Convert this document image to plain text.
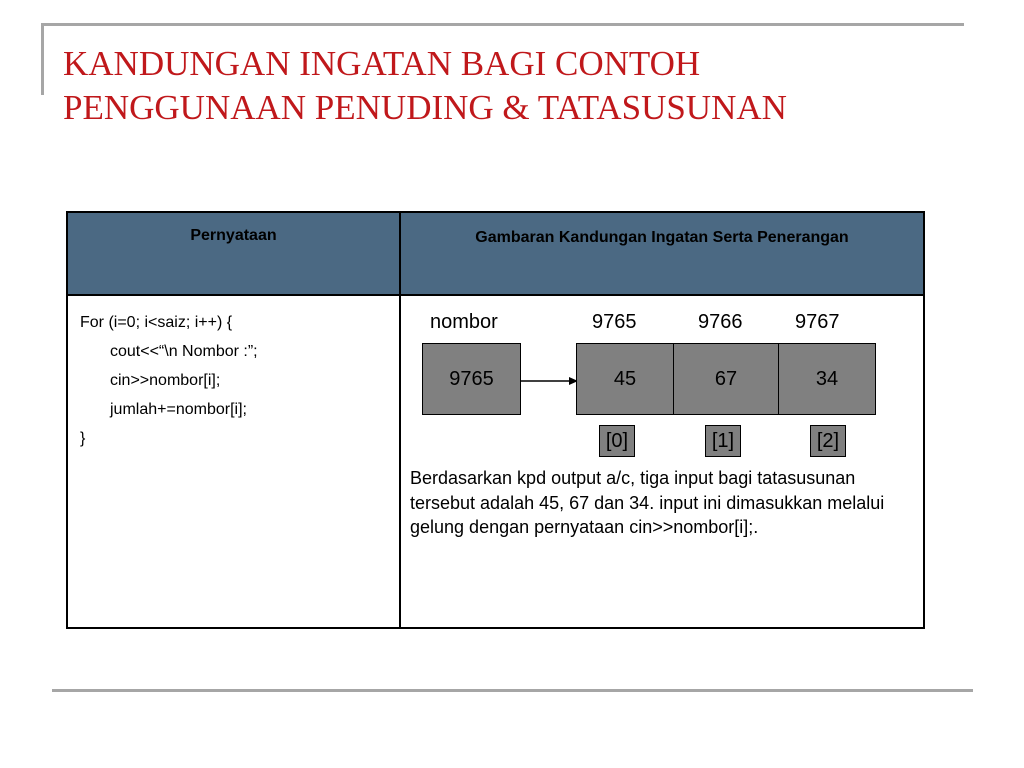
KANDUNGAN INGATAN BAGI CONTOH
PENGGUNAAN PENUDING & TATASUSUNAN
Pernyataan	Gambaran Kandungan Ingatan Serta Penerangan
For (i=0; i<saiz; i++) {
cout<<“\n Nombor :”;
cin>>nombor[i];
jumlah+=nombor[i];
}
nombor	9765	9766	9767
9765	45	67	34
[0]	[1]	[2]
Berdasarkan kpd output a/c, tiga input bagi tatasusunan tersebut adalah 45, 67 dan 34. input ini dimasukkan melalui gelung dengan pernyataan cin>>nombor[i];.
